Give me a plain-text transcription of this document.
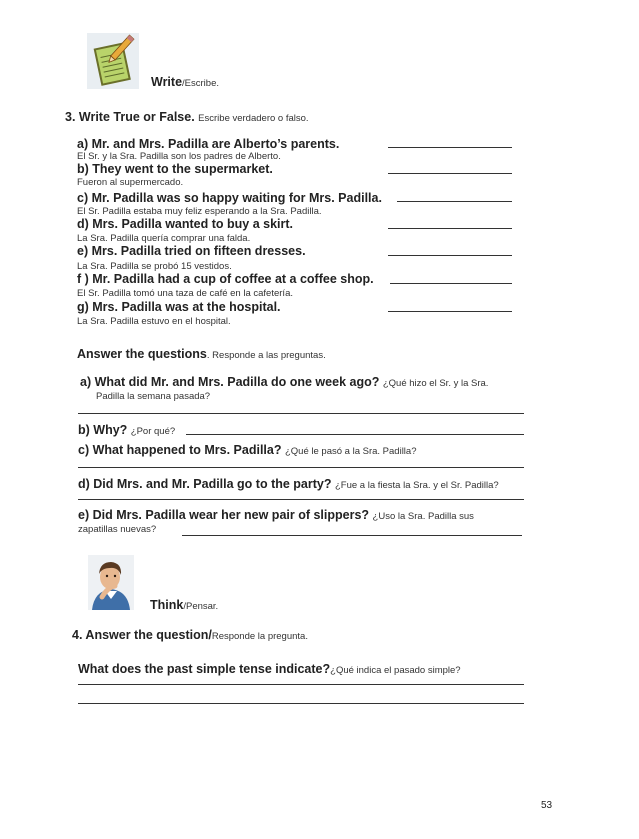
Write/Escribe.
3. Write True or False. Escribe verdadero o falso.
a) Mr. and Mrs. Padilla are Alberto’s parents.
El Sr. y la Sra. Padilla son los padres de Alberto.
b) They went to the supermarket.
Fueron al supermercado.
c) Mr. Padilla was so happy waiting for Mrs. Padilla.
El Sr. Padilla estaba muy feliz esperando a la Sra. Padilla.
d) Mrs. Padilla wanted to buy a skirt.
La Sra. Padilla quería comprar una falda.
e) Mrs. Padilla tried on fifteen dresses.
La Sra. Padilla se probó 15 vestidos.
f ) Mr. Padilla had a cup of coffee at a coffee shop.
El Sr. Padilla tomó una taza de café en la cafetería.
g) Mrs. Padilla was at the hospital.
La Sra. Padilla estuvo en el hospital.
Answer the questions. Responde a las preguntas.
a) What did Mr. and Mrs. Padilla do one week ago? ¿Qué hizo el Sr. y la Sra.
Padilla la semana pasada?
b) Why? ¿Por qué?
c) What happened to Mrs. Padilla? ¿Qué le pasó a la Sra. Padilla?
d) Did Mrs. and Mr. Padilla go to the party? ¿Fue a la fiesta la Sra. y el Sr. Padilla?
e) Did Mrs. Padilla wear her new pair of slippers? ¿Uso la Sra. Padilla sus
zapatillas nuevas?
Think/Pensar.
4. Answer the question/Responde la pregunta.
What does the past simple tense indicate?¿Qué indica el pasado simple?
53
